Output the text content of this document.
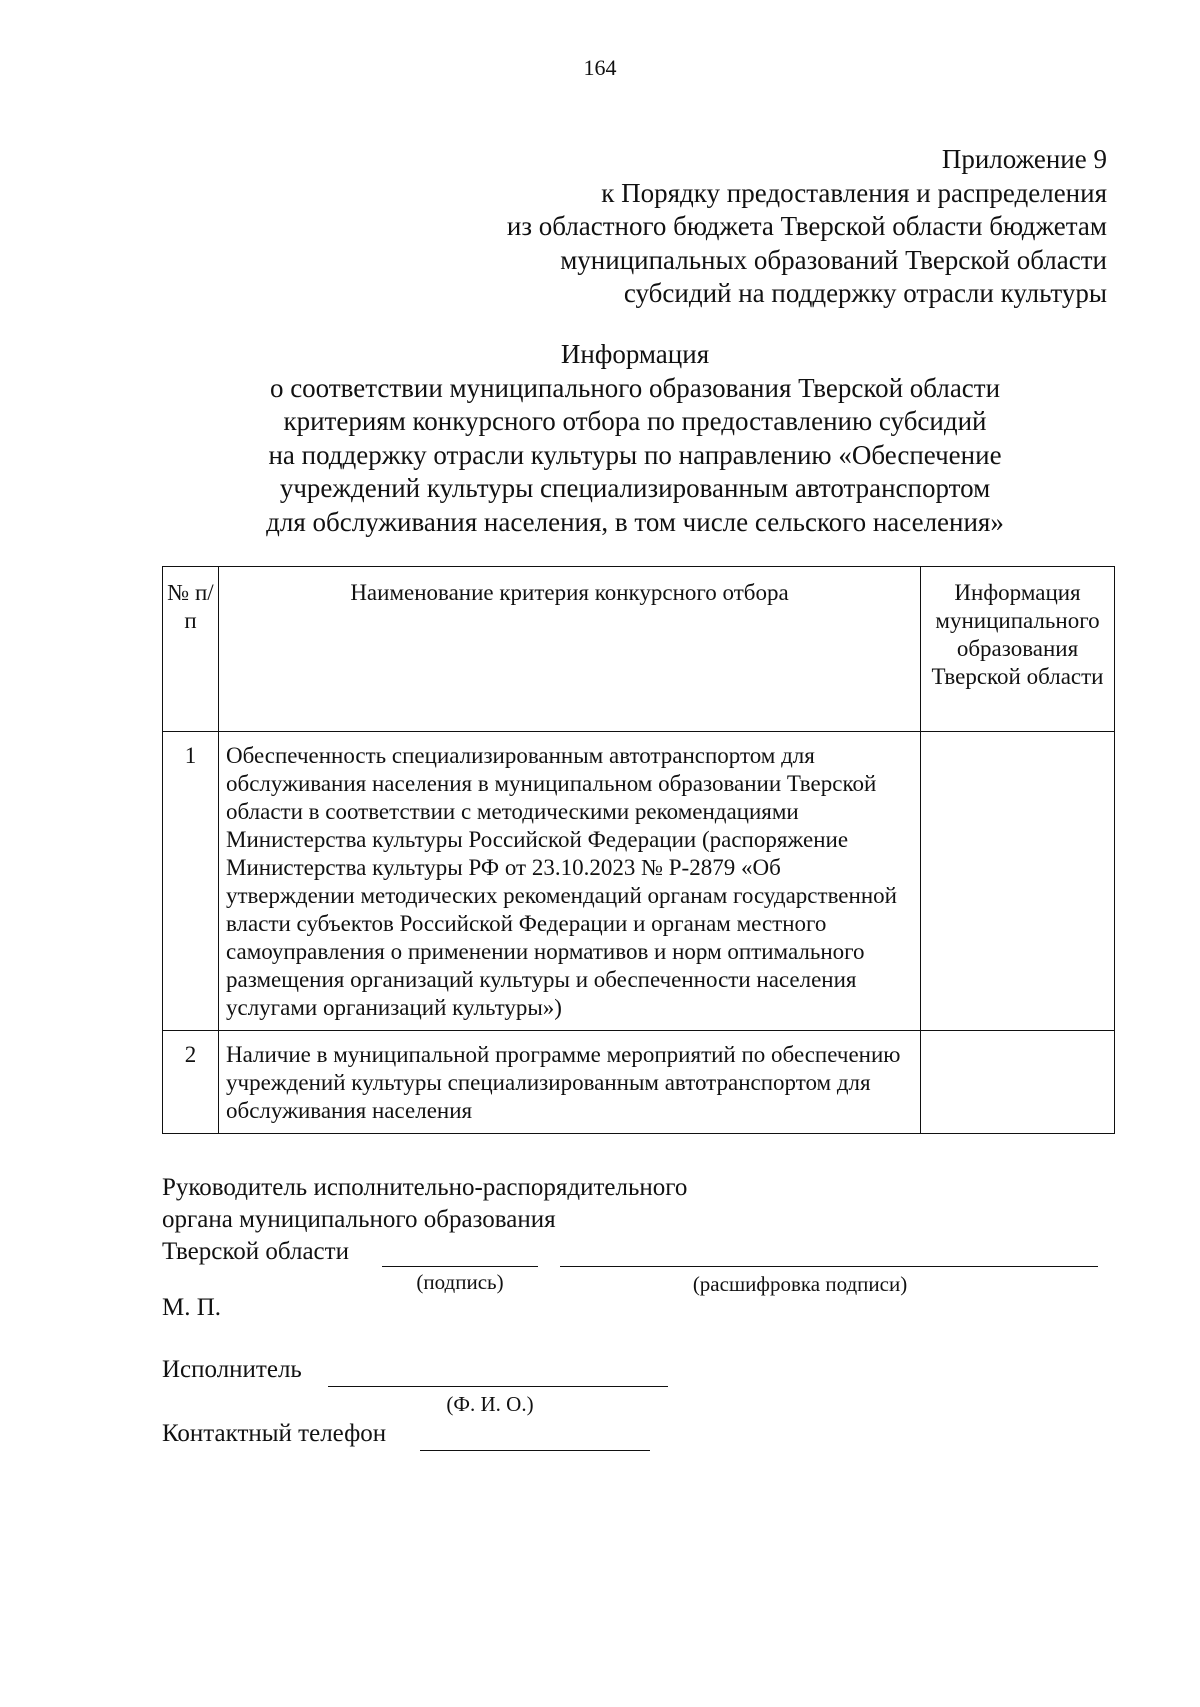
164
Приложение 9
к Порядку предоставления и распределения
из областного бюджета Тверской области бюджетам
муниципальных образований Тверской области
субсидий на поддержку отрасли культуры
Информация
о соответствии муниципального образования Тверской области
критериям конкурсного отбора по предоставлению субсидий
на поддержку отрасли культуры по направлению «Обеспечение
учреждений культуры специализированным автотранспортом
для обслуживания населения, в том числе сельского населения»
№ п/п	Наименование критерия конкурсного отбора	Информация муниципального образования Тверской области
1	Обеспеченность специализированным автотранспортом для обслуживания населения в муниципальном образовании Тверской области в соответствии с методическими рекомендациями Министерства культуры Российской Федерации (распоряжение Министерства культуры РФ от 23.10.2023 № Р-2879 «Об утверждении методических рекомендаций органам государственной власти субъектов Российской Федерации и органам местного самоуправления о применении нормативов и норм оптимального размещения организаций культуры и обеспеченности населения услугами организаций культуры»)	
2	Наличие в муниципальной программе мероприятий по обеспечению учреждений культуры специализированным автотранспортом для обслуживания населения	
Руководитель исполнительно-распорядительного
органа муниципального образования
Тверской области
(подпись)	(расшифровка подписи)
М. П.
Исполнитель
(Ф. И. О.)
Контактный телефон
